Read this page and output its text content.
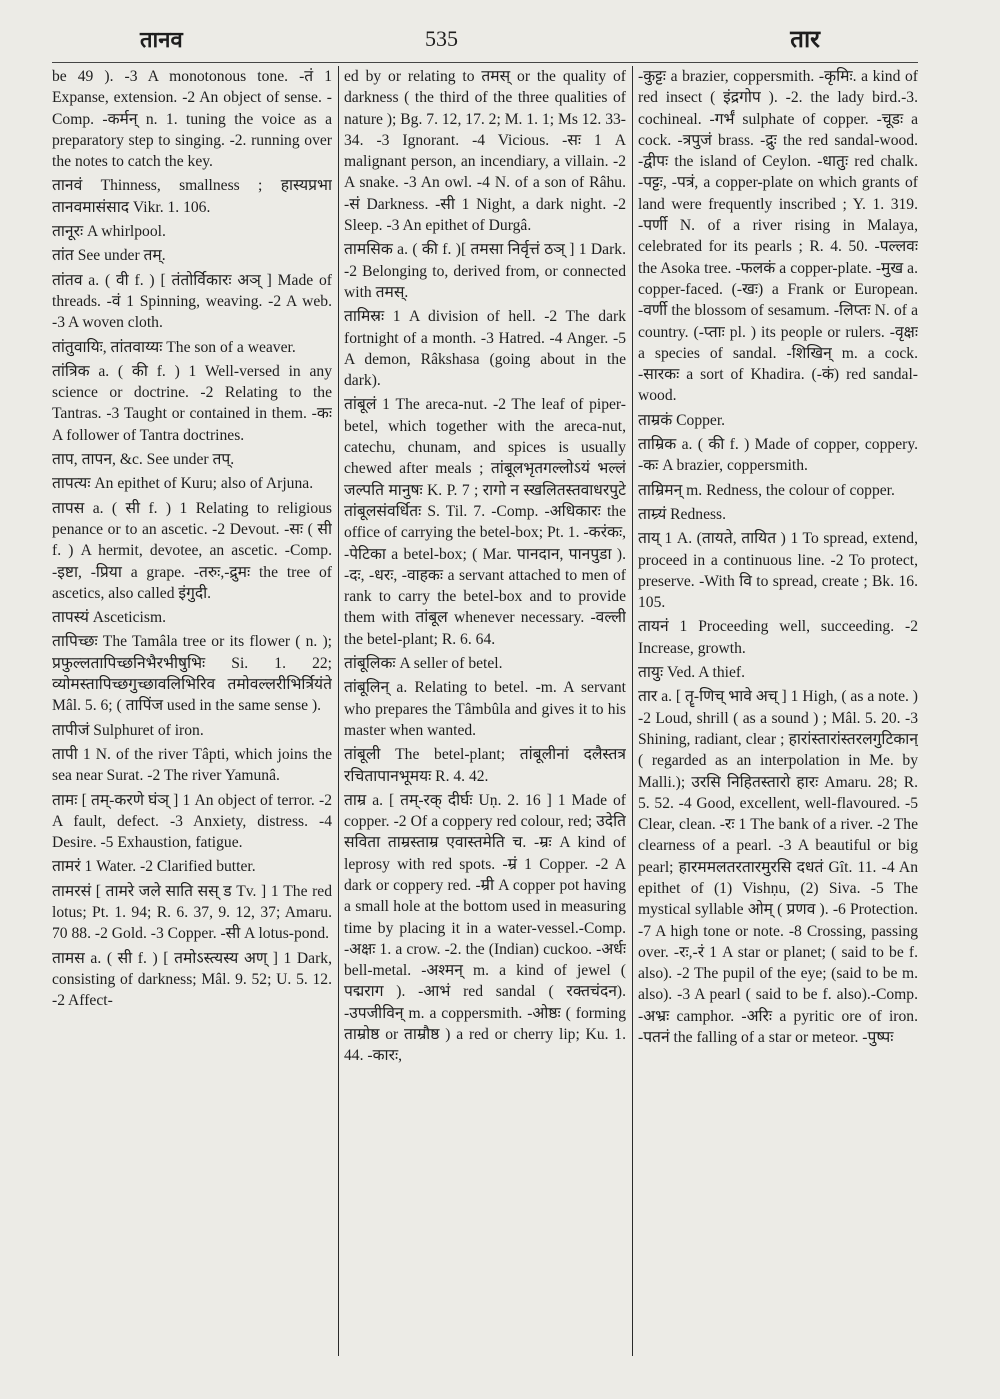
तानव	535	तार

be 49 ). -3 A monotonous tone. -तं 1 Expanse, extension. -2 An object of sense. -Comp. -कर्मन् n. 1. tuning the voice as a preparatory step to singing. -2. running over the notes to catch the key.

तानवं Thinness, smallness ; हास्यप्रभा तानवमासंसाद Vikr. 1. 106.

तानूरः A whirlpool.

तांत See under तम्.

तांतव a. ( वी f. ) [ तंतोर्विकारः अञ् ] Made of threads. -वं 1 Spinning, weaving. -2 A web. -3 A woven cloth.

तांतुवायिः, तांतवाय्यः The son of a weaver.

तांत्रिक a. ( की f. ) 1 Well-versed in any science or doctrine. -2 Relating to the Tantras. -3 Taught or contained in them. -कः A follower of Tantra doctrines.

ताप, तापन, &c. See under तप्.

तापत्यः An epithet of Kuru; also of Arjuna.

तापस a. ( सी f. ) 1 Relating to religious penance or to an ascetic. -2 Devout. -सः ( सी f. ) A hermit, devotee, an ascetic. -Comp. -इष्टा, -प्रिया a grape. -तरुः,-द्रुमः the tree of ascetics, also called इंगुदी.

तापस्यं Asceticism.

तापिच्छः The Tamâla tree or its flower ( n. ); प्रफुल्लतापिच्छनिभैरभीषुभिः Si. 1. 22; व्योमस्तापिच्छगुच्छावलिभिरिव तमोवल्लरीभिर्त्रियंते Mâl. 5. 6; ( तापिंज used in the same sense ).

तापीजं Sulphuret of iron.

तापी 1 N. of the river Tâpti, which joins the sea near Surat. -2 The river Yamunâ.

तामः [ तम्-करणे घंञ् ] 1 An object of terror. -2 A fault, defect. -3 Anxiety, distress. -4 Desire. -5 Exhaustion, fatigue.

तामरं 1 Water. -2 Clarified butter.

तामरसं [ तामरे जले साति सस् ड Tv. ] 1 The red lotus; Pt. 1. 94; R. 6. 37, 9. 12, 37; Amaru. 70 88. -2 Gold. -3 Copper. -सी A lotus-pond.

तामस a. ( सी f. ) [ तमोऽस्त्यस्य अण् ] 1 Dark, consisting of darkness; Mâl. 9. 52; U. 5. 12. -2 Affect-

ed by or relating to तमस् or the quality of darkness ( the third of the three qualities of nature ); Bg. 7. 12, 17. 2; M. 1. 1; Ms 12. 33-34. -3 Ignorant. -4 Vicious. -सः 1 A malignant person, an incendiary, a villain. -2 A snake. -3 An owl. -4 N. of a son of Râhu. -सं Darkness. -सी 1 Night, a dark night. -2 Sleep. -3 An epithet of Durgâ.

तामसिक a. ( की f. )[ तमसा निर्वृत्तं ठञ् ] 1 Dark. -2 Belonging to, derived from, or connected with तमस्.

तामिस्रः 1 A division of hell. -2 The dark fortnight of a month. -3 Hatred. -4 Anger. -5 A demon, Râkshasa (going about in the dark).

तांबूलं 1 The areca-nut. -2 The leaf of piper-betel, which together with the areca-nut, catechu, chunam, and spices is usually chewed after meals ; तांबूलभृतगल्लोऽयं भल्लं जल्पति मानुषः K. P. 7 ; रागो न स्खलितस्तवाधरपुटे तांबूलसंवर्धितः S. Til. 7. -Comp. -अधिकारः the office of carrying the betel-box; Pt. 1. -करंकः, -पेटिका a betel-box; ( Mar. पानदान, पानपुडा ). -दः, -धरः, -वाहकः a servant attached to men of rank to carry the betel-box and to provide them with तांबूल whenever necessary. -वल्ली the betel-plant; R. 6. 64.

तांबूलिकः A seller of betel.

तांबूलिन् a. Relating to betel. -m. A servant who prepares the Tâmbûla and gives it to his master when wanted.

तांबूली The betel-plant; तांबूलीनां दलैस्तत्र रचितापानभूमयः R. 4. 42.

ताम्र a. [ तम्-रक् दीर्घः Uṇ. 2. 16 ] 1 Made of copper. -2 Of a coppery red colour, red; उदेति सविता ताम्रस्ताम्र एवास्तमेति च. -म्रः A kind of leprosy with red spots. -म्रं 1 Copper. -2 A dark or coppery red. -म्री A copper pot having a small hole at the bottom used in measuring time by placing it in a water-vessel.-Comp. -अक्षः 1. a crow. -2. the (Indian) cuckoo. -अर्धः bell-metal. -अश्मन् m. a kind of jewel ( पद्मराग ). -आभं red sandal ( रक्तचंदन). -उपजीविन् m. a coppersmith. -ओष्ठः ( forming ताम्रोष्ठ or ताम्रौष्ठ ) a red or cherry lip; Ku. 1. 44. -कारः,

-कुट्टः a brazier, coppersmith. -कृमिः. a kind of red insect ( इंद्रगोप ). -2. the lady bird.-3. cochineal. -गर्भं sulphate of copper. -चूडः a cock. -त्रपुजं brass. -द्रुः the red sandal-wood. -द्वीपः the island of Ceylon. -धातुः red chalk. -पट्टः, -पत्रं, a copper-plate on which grants of land were frequently inscribed ; Y. 1. 319. -पर्णी N. of a river rising in Malaya, celebrated for its pearls ; R. 4. 50. -पल्लवः the Asoka tree. -फलकं a copper-plate. -मुख a. copper-faced. (-खः) a Frank or European. -वर्णी the blossom of sesamum. -लिप्तः N. of a country. (-प्ताः pl. ) its people or rulers. -वृक्षः a species of sandal. -शिखिन् m. a cock. -सारकः a sort of Khadira. (-कं) red sandal-wood.

ताम्रकं Copper.

ताम्रिक a. ( की f. ) Made of copper, coppery. -कः A brazier, coppersmith.

ताम्रिमन् m. Redness, the colour of copper.

ताम्र्यं Redness.

ताय् 1 A. (तायते, तायित ) 1 To spread, extend, proceed in a continuous line. -2 To protect, preserve. -With वि to spread, create ; Bk. 16. 105.

तायनं 1 Proceeding well, succeeding. -2 Increase, growth.

तायुः Ved. A thief.

तार a. [ तॄ-णिच् भावे अच् ] 1 High, ( as a note. ) -2 Loud, shrill ( as a sound ) ; Mâl. 5. 20. -3 Shining, radiant, clear ; हारांस्तारांस्तरलगुटिकान् ( regarded as an interpolation in Me. by Malli.); उरसि निहितस्तारो हारः Amaru. 28; R. 5. 52. -4 Good, excellent, well-flavoured. -5 Clear, clean. -रः 1 The bank of a river. -2 The clearness of a pearl. -3 A beautiful or big pearl; हारममलतरतारमुरसि दधतं Gît. 11. -4 An epithet of (1) Vishṇu, (2) Siva. -5 The mystical syllable ओम् ( प्रणव ). -6 Protection. -7 A high tone or note. -8 Crossing, passing over. -रः,-रं 1 A star or planet; ( said to be f. also). -2 The pupil of the eye; (said to be m. also). -3 A pearl ( said to be f. also).-Comp. -अभ्रः camphor. -अरिः a pyritic ore of iron. -पतनं the falling of a star or meteor. -पुष्पः
